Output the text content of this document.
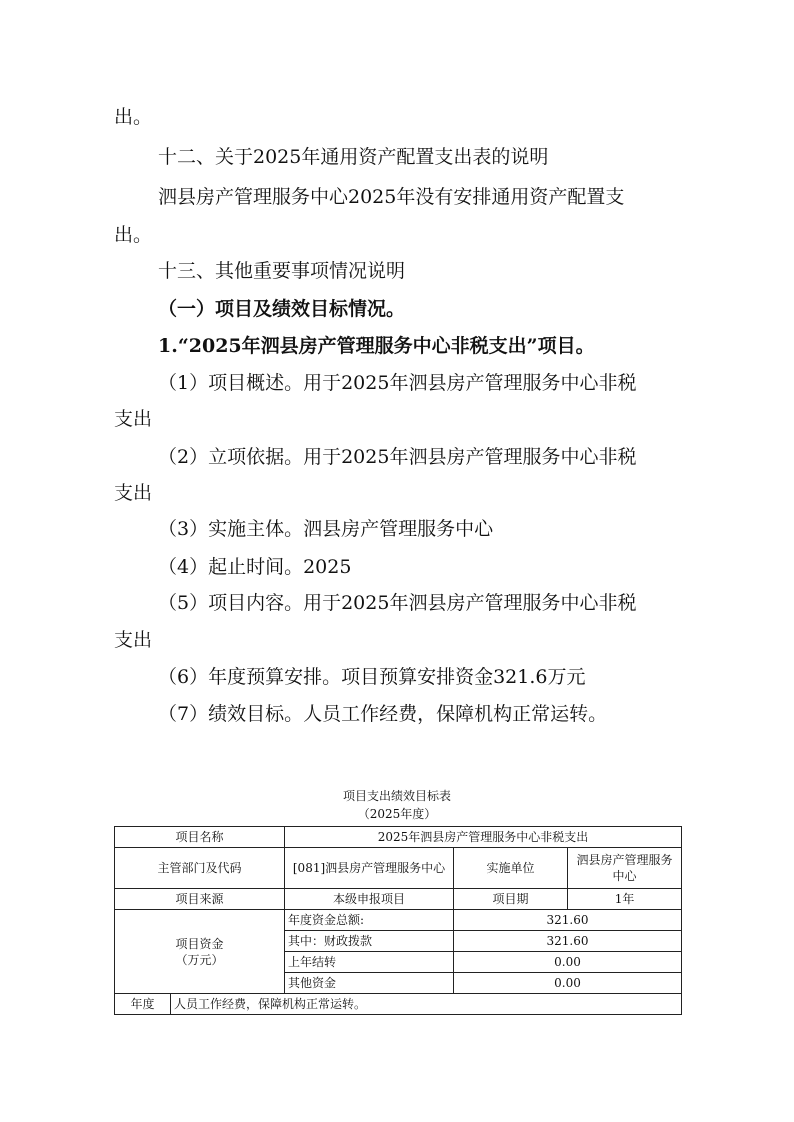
出。
十二、关于2025年通用资产配置支出表的说明
泗县房产管理服务中心2025年没有安排通用资产配置支
出。
十三、其他重要事项情况说明
（一）项目及绩效目标情况。
1.“2025年泗县房产管理服务中心非税支出”项目。
（1）项目概述。用于2025年泗县房产管理服务中心非税
支出
（2）立项依据。用于2025年泗县房产管理服务中心非税
支出
（3）实施主体。泗县房产管理服务中心
（4）起止时间。2025
（5）项目内容。用于2025年泗县房产管理服务中心非税
支出
（6）年度预算安排。项目预算安排资金321.6万元
（7）绩效目标。人员工作经费，保障机构正常运转。
项目支出绩效目标表
（2025年度）
项目名称		2025年泗县房产管理服务中心非税支出		
主管部门及代码		[081]泗县房产管理服务中心	实施单位	泗县房产管理服务中心
项目来源		本级申报项目	项目期	1年

项目资金
（万元）		年度资金总额:	321.60	
		其中：财政拨款	321.60	
		上年结转	0.00	
		其他资金	0.00	
年度	人员工作经费，保障机构正常运转。			
